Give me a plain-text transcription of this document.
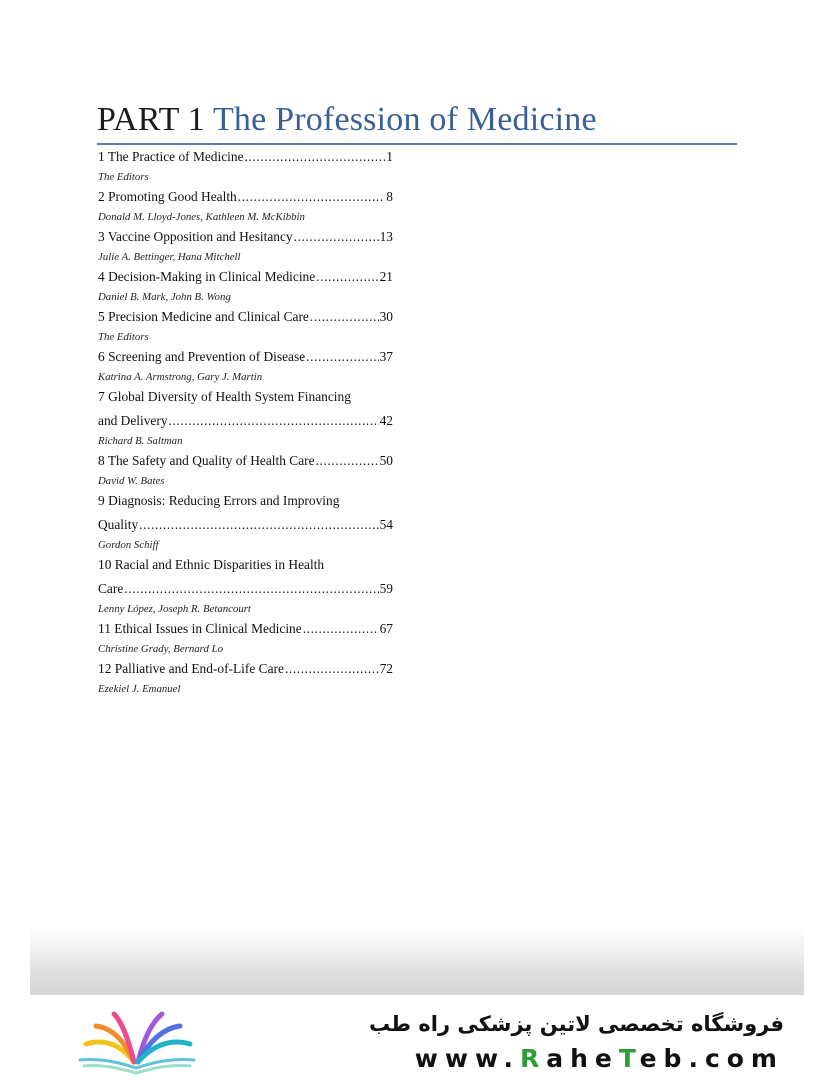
PART 1 The Profession of Medicine
1 The Practice of Medicine .....	1
The Editors
2 Promoting Good Health .....	8
Donald M. Lloyd-Jones, Kathleen M. McKibbin
3 Vaccine Opposition and Hesitancy .....	13
Julie A. Bettinger, Hana Mitchell
4 Decision-Making in Clinical Medicine .....	21
Daniel B. Mark, John B. Wong
5 Precision Medicine and Clinical Care .....	30
The Editors
6 Screening and Prevention of Disease .....	37
Katrina A. Armstrong, Gary J. Martin
7 Global Diversity of Health System Financing
and Delivery .....	42
Richard B. Saltman
8 The Safety and Quality of Health Care .....	50
David W. Bates
9 Diagnosis: Reducing Errors and Improving
Quality .....	54
Gordon Schiff
10 Racial and Ethnic Disparities in Health
Care .....	59
Lenny López, Joseph R. Betancourt
11 Ethical Issues in Clinical Medicine .....	67
Christine Grady, Bernard Lo
12 Palliative and End-of-Life Care .....	72
Ezekiel J. Emanuel
فروشگاه تخصصی لاتین پزشکی راه طب
www.RaheTeb.com
